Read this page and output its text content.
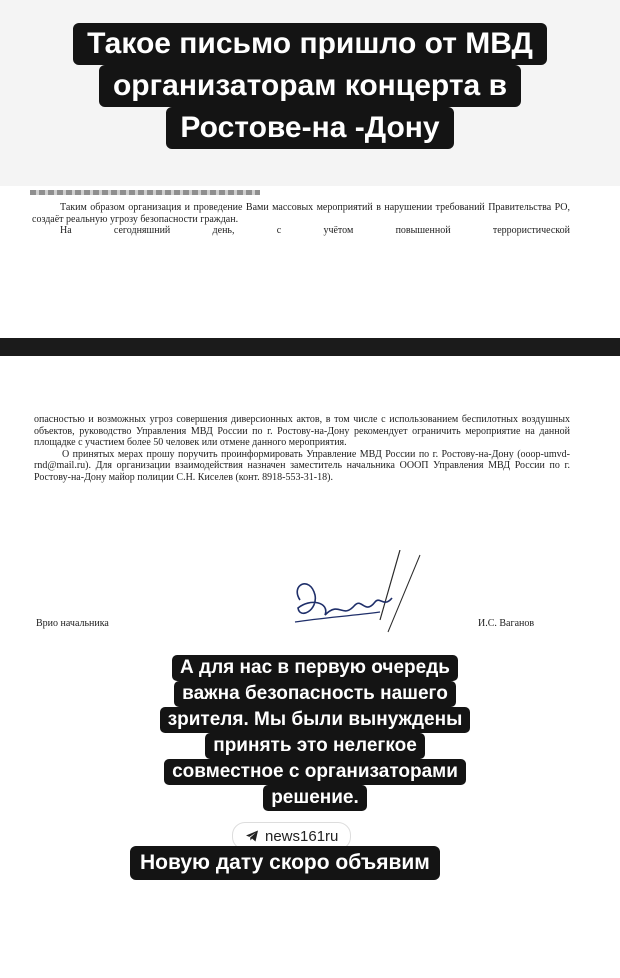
Такое письмо пришло от МВД
организаторам концерта в
Ростове-на -Дону
Таким образом организация и проведение Вами массовых мероприятий в нарушении требований Правительства РО, создаёт реальную угрозу безопасности граждан.
На сегодняшний день, с учётом повышенной террористической
опасностью и возможных угроз совершения диверсионных актов, в том числе с использованием беспилотных воздушных объектов, руководство Управления МВД России по г. Ростову-на-Дону рекомендует ограничить мероприятие на данной площадке с участием более 50 человек или отмене данного мероприятия.
О принятых мерах прошу поручить проинформировать Управление МВД России по г. Ростову-на-Дону (ooop-umvd-rnd@mail.ru). Для организации взаимодействия назначен заместитель начальника ОООП Управления МВД России по г. Ростову-на-Дону майор полиции С.Н. Киселев (конт. 8918-553-31-18).
Врио начальника	И.С. Ваганов
А для нас в первую очередь
важна безопасность нашего
зрителя. Мы были вынуждены
принять это нелегкое
совместное с организаторами
решение.
news161ru
Новую дату скоро объявим
